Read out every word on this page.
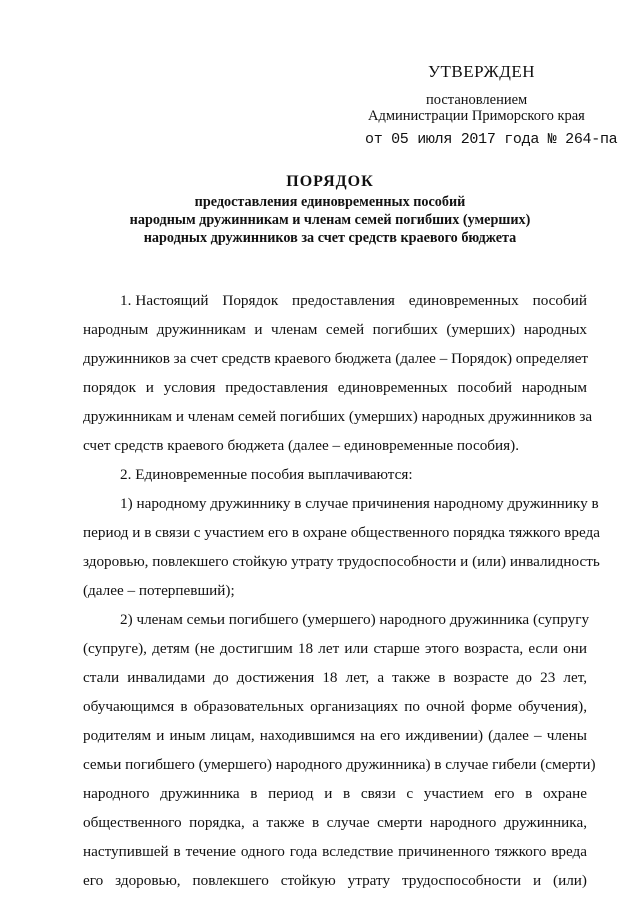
УТВЕРЖДЕН
постановлением
Администрации Приморского края
от 05 июля 2017 года № 264-па
ПОРЯДОК
предоставления единовременных пособий
народным дружинникам и членам семей погибших (умерших)
народных дружинников за счет средств краевого бюджета
1. Настоящий Порядок предоставления единовременных пособий
народным дружинникам и членам семей погибших (умерших) народных
дружинников за счет средств краевого бюджета (далее – Порядок) определяет
порядок и условия предоставления единовременных пособий народным
дружинникам и членам семей погибших (умерших) народных дружинников за
счет средств краевого бюджета (далее – единовременные пособия).
2. Единовременные пособия выплачиваются:
1) народному дружиннику в случае причинения народному дружиннику в
период и в связи с участием его в охране общественного порядка тяжкого вреда
здоровью, повлекшего стойкую утрату трудоспособности и (или) инвалидность
(далее – потерпевший);
2) членам семьи погибшего (умершего) народного дружинника (супругу
(супруге), детям (не достигшим 18 лет или старше этого возраста, если они
стали инвалидами до достижения 18 лет, а также в возрасте до 23 лет,
обучающимся в образовательных организациях по очной форме обучения),
родителям и иным лицам, находившимся на его иждивении) (далее – члены
семьи погибшего (умершего) народного дружинника) в случае гибели (смерти)
народного дружинника в период и в связи с участием его в охране
общественного порядка, а также в случае смерти народного дружинника,
наступившей в течение одного года вследствие причиненного тяжкого вреда
его здоровью, повлекшего стойкую утрату трудоспособности и (или)
